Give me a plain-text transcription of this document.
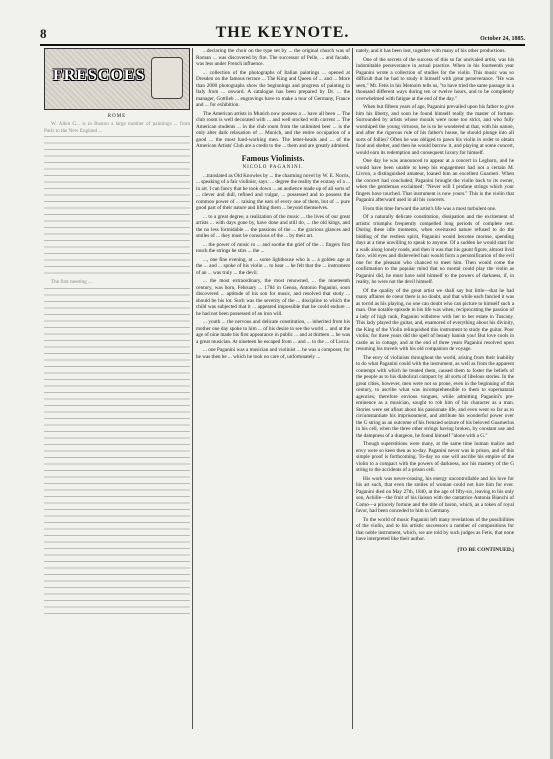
8	THE KEYNOTE.	October 24, 1885.
FRESCOES
ROME

W. Allen G... is in Boston a large number of paintings ... from Paris to the New England ...

The first meeting ...

...declaring the choir on the type set by ... the original church was of Roman ... was discovered by fire. The successor of Pelle, ... and facade, was less under French influence.

... collection of the photographs of Italian paintings ... opened at Dresden on the famous terrace ... The King and Queen of ... and ... More than 2000 photographs show the beginnings and progress of painting in Italy from ... onward. A catalogue has been prepared by Dr. ... the manager, Gottlieb ... engravings have to make a tour of Germany, France and ... for exhibition.

The American artists in Munich now possess a ... have all been ... The club room is well decorated with ... and well stocked with current ... The American students ... in the club room from the unlimited beer ... is the only alter dark relaxation of ... Munich, and the entire occupation of a good ... the most hard-working men. The letter-heads and ... of the American Artists' Club are a credit to the ... them and are greatly admired.

Famous Violinists.
NICOLO PAGANINI.

...translated as Old Knowles by ... the charming novel by W. E. Norris, ... speaking of a fair violinist, says: ... degree the reality the ecstasy of a ... in art. I can fancy that he took down ... an audience made up of all sorts of ... clever and dull, refined and vulgar, ... possessed and to possess the common power of ... raising the ears of every one of them, but of ... pure good part of their nature and lifting them ... beyond themselves.

... to a great degree, a realization of the music ... the lives of our great artists ... with days gone by, have done and still do, ... the old kings, and the no less formidable ... the passions of the ... the gracious glances and smiles of ... they must be conscious of the ... by their art.

... the power of music to ... and soothe the grief of the ... fingers first touch the strings he stirs ... the ...

..., one fine evening, at ... some lighthouse who is ... a golden age at the ... and ... spoke of his violin ... to hear ... he felt that the ... instrument of an ... was truly ... the devil.

... the most extraordinary, the most renowned, ... the nineteenth century, was born, February ... 1784 in Genoa, Antonio Paganini, soon discovered ... aptitude of his son for music, and resolved that study ... should be his lot. Such was the severity of the ... discipline to which the child was subjected that it ... appeared impossible that he could endure ... he had not been possessed of an iron will.

... youth ... the nervous and delicate constitution, ... inherited from his mother one day spoke to him ... of his desire to see the world ... and at the age of nine made his first appearance in public ... and at thirteen ... he was a great musician. At nineteen he escaped from ... and ... to the ... of Lucca.

... one Paganini was a musician and violinist ... he was a composer, for he was then he ... which he took no care of, unfortunately ...

nately, and it has been lost, together with many of his other productions.

One of the secrets of the success of this so far unrivaled artist, was his indomitable perseverance in actual practice. When in his fourteenth year Paganini wrote a collection of studies for the violin. This music was so difficult that he had to study it himself with great perseverance. "He was seen," Mr. Fetis in his Memoirs tells us, "to have tried the same passage in a thousand different ways during ten or twelve hours, and to be completely overwhelmed with fatigue at the end of the day."

When but fifteen years of age, Paganini prevailed upon his father to give him his liberty, and soon he found himself really the master of fortune. Surrounded by artists whose morals were none too strict, and who fully worshiped the young virtuoso, he is to be wondered at that, with his nature, and after the rigorous rule of his father's house, he should plunge into all sorts of follies? Often he was obliged to pawn his violin in order to obtain food and shelter, and then he would borrow it, and playing at some concert, would earn its redemption and consequent luxury for himself.

One day he was announced to appear at a concert in Leghorn, and he would have been unable to keep his engagement had not a certain M. Livron, a distinguished amateur, loaned him an excellent Guarneri. When the concert had concluded, Paganini brought the violin back to its owner, when the gentleman exclaimed: "Never will I profane strings which your fingers have touched. That instrument is now yours." This is the violin that Paganini afterward used in all his concerts.

From this time forward the artist's life was a most turbulent one.

Of a naturally delicate constitution, dissipation and the excitement of artistic triumphs frequently compelled long periods of complete rest. During these idle moments, when overtaxed nature refused to do the bidding of the restless spirit, Paganini would become morose, spending days at a time unwilling to speak to anyone. Of a sudden he would start for a walk along lonely roads, and then it was that his gaunt figure, almost livid face, wild eyes and disheveled hair would form a personification of the evil one for the pleasant who chanced to meet him. Then would come the confirmation to the popular mind that no mortal could play the violin as Paganini did, he must have sold himself to the powers of darkness, if, in reality, he were not the devil himself.

Of the quality of the great artist we shall say but little—that he had many affaires de coeur there is no doubt, and that while each fancied it was as torrid as his playing, no one can doubt who can picture to himself such a man. One notable episode in his life was when, reciprocating the passion of a lady of high rank, Paganini withdrew with her to her estate in Tuscany. This lady played the guitar, and, enamored of everything about his divinity, the King of the Violin relinquished this instrument to study the guitar. Poor violin; for three years did the spell of beauty banish you! But love cools in castle as in cottage, and at the end of three years Paganini resolved upon resuming his travels with his old companion de voyage.

The envy of violinists throughout the world, arising from their inability to do what Paganini could with the instrument, as well as from the apparent contempt with which he treated them, caused them to foster the beliefs of the people as to his diabolical compact by all sorts of libelous stories. In the great cities, however, men were not so prone, even in the beginning of this century, to ascribe what was incomprehensible to them to supernatural agencies; therefore envious tongues, while admitting Paganini's pre-eminence as a musician, sought to rob him of his character as a man. Stories were set afloat about his passionate life, and even went so far as to circumstantiate his imprisonment, and attribute his wonderful power over the G string as an outcome of his frenzied seizure of his beloved Guarnerius in his cell, when the three other strings having broken, by constant use and the dampness of a dungeon, he found himself "alone with a G."

Though superstitions were many, at the same time human malice and envy were so keen then as to-day. Paganini never was in prison, and of this simple proof is forthcoming. To-day no one will ascribe his empire of the violin to a compact with the powers of darkness, nor his mastery of the G string to the accidents of a prison cell.

His work was never-ceasing, his energy uncontrollable and his love for his art such, that even the smiles of woman could not lure him for ever. Paganini died on May 27th, 1840, at the age of fifty-six, leaving to his only son, Achille—the fruit of his liaison with the cantatrice Antonia Bianchi of Como—a princely fortune and the title of baron, which, as a token of royal favor, had been conceded to him in Germany.

To the world of music Paganini left many revelations of the possibilities of the violin, and to his artistic successors a number of compositions for that noble instrument, which, we are told by such judges as Fetis, that none have interpreted like their author.

[TO BE CONTINUED.]
